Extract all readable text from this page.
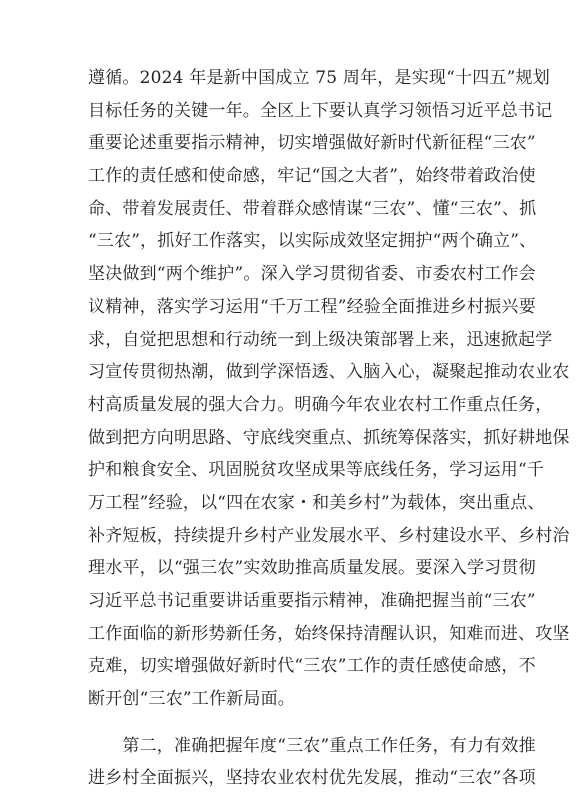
遵循。2024 年是新中国成立 75 周年，是实现“十四五”规划
目标任务的关键一年。全区上下要认真学习领悟习近平总书记
重要论述重要指示精神，切实增强做好新时代新征程“三农”
工作的责任感和使命感，牢记“国之大者”，始终带着政治使
命、带着发展责任、带着群众感情谋“三农”、懂“三农”、抓
“三农”，抓好工作落实，以实际成效坚定拥护“两个确立”、
坚决做到“两个维护”。深入学习贯彻省委、市委农村工作会
议精神，落实学习运用“千万工程”经验全面推进乡村振兴要
求，自觉把思想和行动统一到上级决策部署上来，迅速掀起学
习宣传贯彻热潮，做到学深悟透、入脑入心，凝聚起推动农业农
村高质量发展的强大合力。明确今年农业农村工作重点任务，
做到把方向明思路、守底线突重点、抓统筹保落实，抓好耕地保
护和粮食安全、巩固脱贫攻坚成果等底线任务，学习运用“千
万工程”经验，以“四在农家・和美乡村”为载体，突出重点、
补齐短板，持续提升乡村产业发展水平、乡村建设水平、乡村治
理水平，以“强三农”实效助推高质量发展。要深入学习贯彻
习近平总书记重要讲话重要指示精神，准确把握当前“三农”
工作面临的新形势新任务，始终保持清醒认识，知难而进、攻坚
克难，切实增强做好新时代“三农”工作的责任感使命感，不
断开创“三农”工作新局面。
　　第二，准确把握年度“三农”重点工作任务，有力有效推
进乡村全面振兴，坚持农业农村优先发展，推动“三农”各项
